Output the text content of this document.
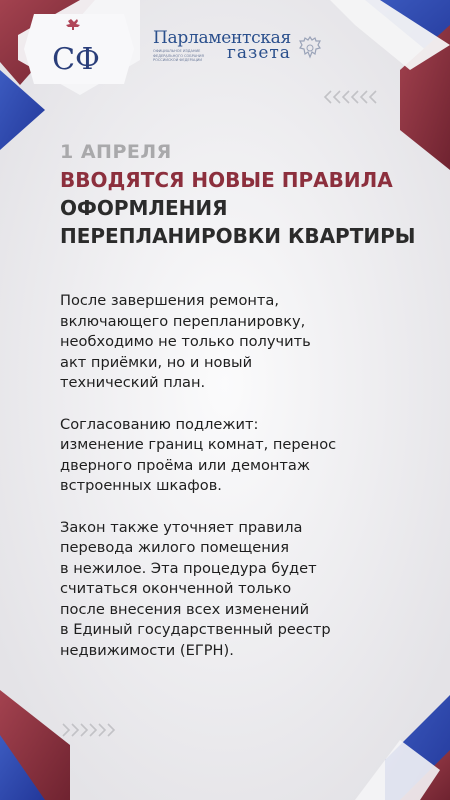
СФ
Парламентская
ОФИЦИАЛЬНОЕ ИЗДАНИЕ ФЕДЕРАЛЬНОГО СОБРАНИЯ РОССИЙСКОЙ ФЕДЕРАЦИИ	газета
1 АПРЕЛЯ
ВВОДЯТСЯ НОВЫЕ ПРАВИЛА ОФОРМЛЕНИЯ ПЕРЕПЛАНИРОВКИ КВАРТИРЫ

После завершения ремонта,
включающего перепланировку,
необходимо не только получить
акт приёмки, но и новый
технический план.

Согласованию подлежит:
изменение границ комнат, перенос
дверного проёма или демонтаж
встроенных шкафов.

Закон также уточняет правила
перевода жилого помещения
в нежилое. Эта процедура будет
считаться оконченной только
после внесения всех изменений
в Единый государственный реестр
недвижимости (ЕГРН).
